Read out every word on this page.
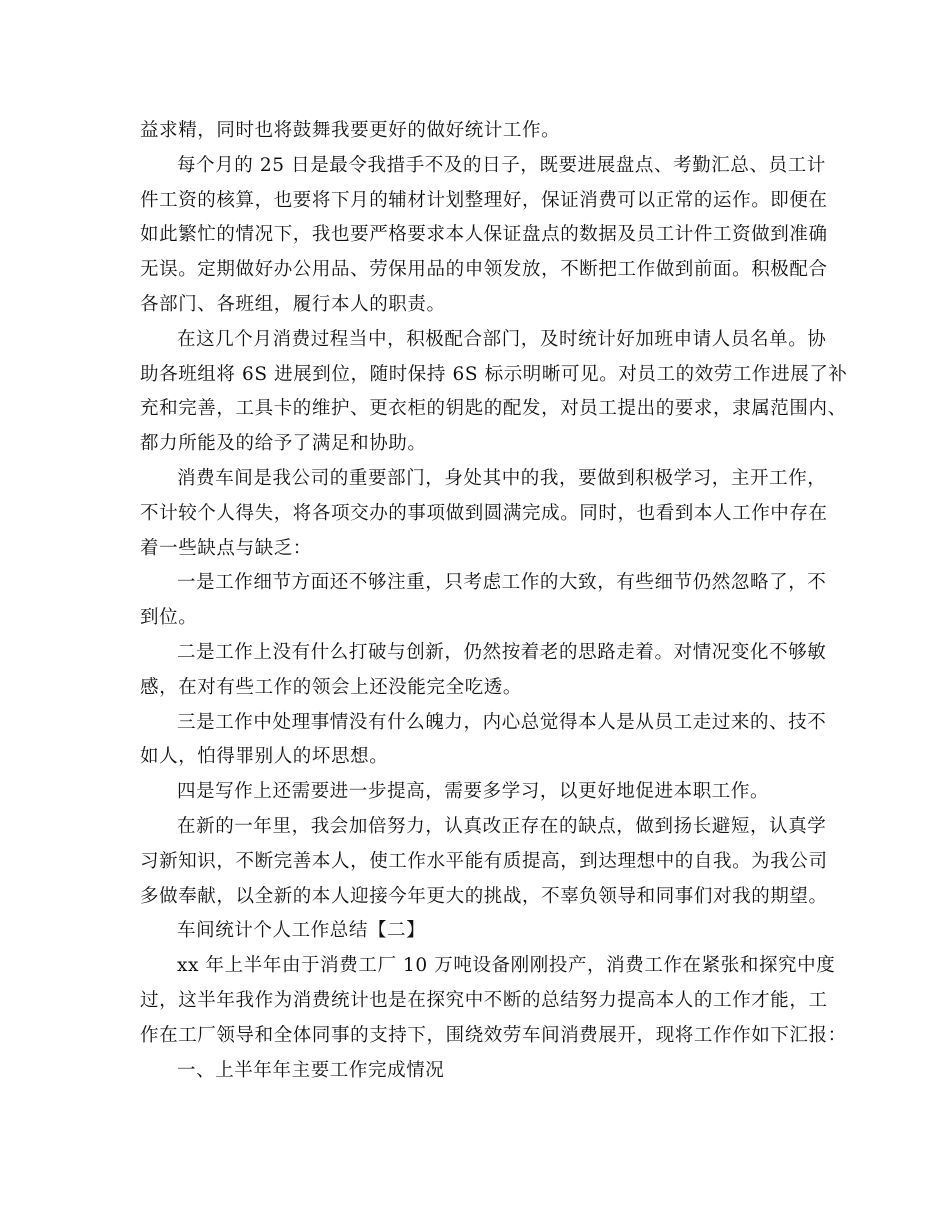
益求精，同时也将鼓舞我要更好的做好统计工作。
每个月的 25 日是最令我措手不及的日子，既要进展盘点、考勤汇总、员工计
件工资的核算，也要将下月的辅材计划整理好，保证消费可以正常的运作。即便在
如此繁忙的情况下，我也要严格要求本人保证盘点的数据及员工计件工资做到准确
无误。定期做好办公用品、劳保用品的申领发放，不断把工作做到前面。积极配合
各部门、各班组，履行本人的职责。
在这几个月消费过程当中，积极配合部门，及时统计好加班申请人员名单。协
助各班组将 6S 进展到位，随时保持 6S 标示明晰可见。对员工的效劳工作进展了补
充和完善，工具卡的维护、更衣柜的钥匙的配发，对员工提出的要求，隶属范围内、
都力所能及的给予了满足和协助。
消费车间是我公司的重要部门，身处其中的我，要做到积极学习，主开工作，
不计较个人得失，将各项交办的事项做到圆满完成。同时，也看到本人工作中存在
着一些缺点与缺乏：
一是工作细节方面还不够注重，只考虑工作的大致，有些细节仍然忽略了，不
到位。
二是工作上没有什么打破与创新，仍然按着老的思路走着。对情况变化不够敏
感，在对有些工作的领会上还没能完全吃透。
三是工作中处理事情没有什么魄力，内心总觉得本人是从员工走过来的、技不
如人，怕得罪别人的坏思想。
四是写作上还需要进一步提高，需要多学习，以更好地促进本职工作。
在新的一年里，我会加倍努力，认真改正存在的缺点，做到扬长避短，认真学
习新知识，不断完善本人，使工作水平能有质提高，到达理想中的自我。为我公司
多做奉献，以全新的本人迎接今年更大的挑战，不辜负领导和同事们对我的期望。
车间统计个人工作总结【二】
xx 年上半年由于消费工厂 10 万吨设备刚刚投产，消费工作在紧张和探究中度
过，这半年我作为消费统计也是在探究中不断的总结努力提高本人的工作才能，工
作在工厂领导和全体同事的支持下，围绕效劳车间消费展开，现将工作作如下汇报：
一、上半年年主要工作完成情况
